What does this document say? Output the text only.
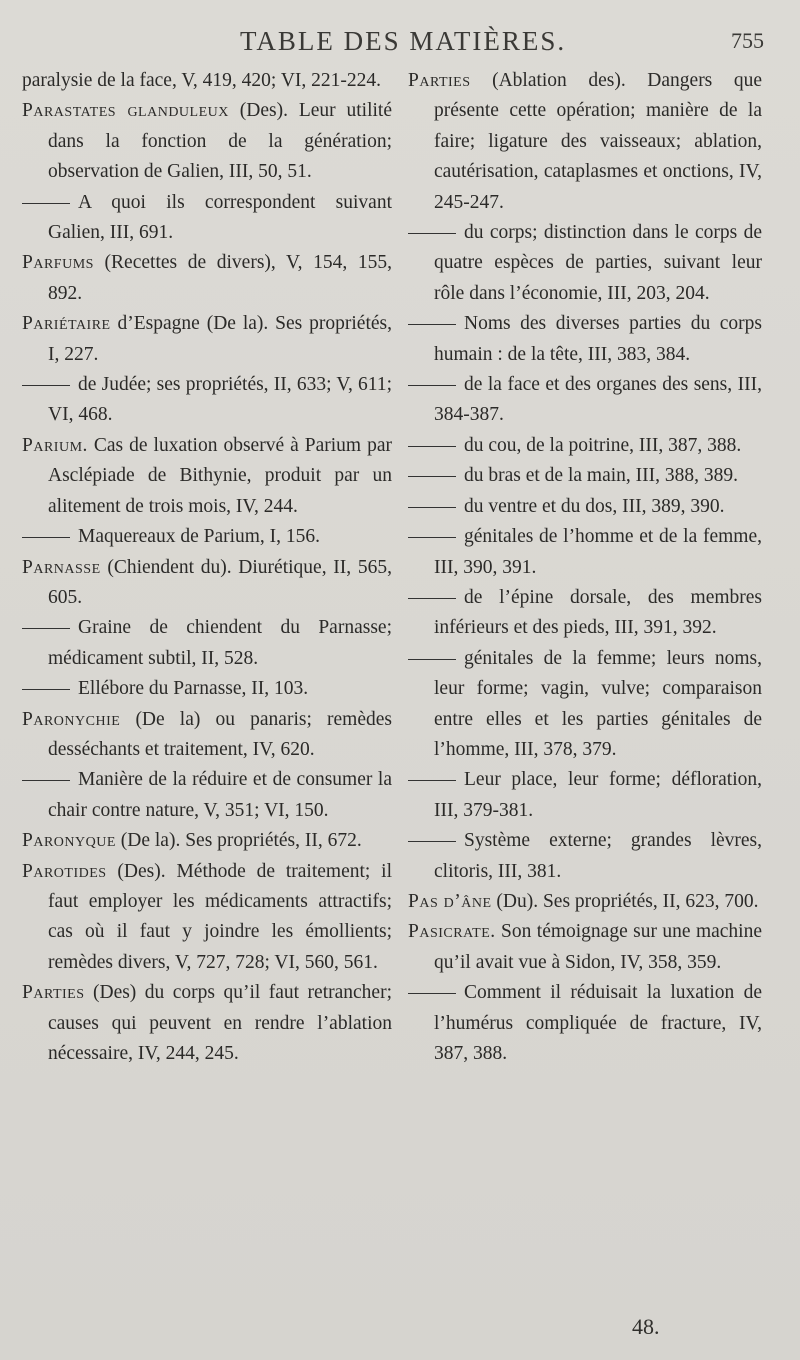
TABLE DES MATIÈRES.	755

paralysie de la face, V, 419, 420; VI, 221-224.

Parastates glanduleux (Des). Leur utilité dans la fonction de la génération; observation de Galien, III, 50, 51.

A quoi ils correspondent suivant Galien, III, 691.

Parfums (Recettes de divers), V, 154, 155, 892.

Pariétaire d’Espagne (De la). Ses propriétés, I, 227.

de Judée; ses propriétés, II, 633; V, 611; VI, 468.

Parium. Cas de luxation observé à Parium par Asclépiade de Bithynie, produit par un alitement de trois mois, IV, 244.

Maquereaux de Parium, I, 156.

Parnasse (Chiendent du). Diurétique, II, 565, 605.

Graine de chiendent du Parnasse; médicament subtil, II, 528.

Ellébore du Parnasse, II, 103.

Paronychie (De la) ou panaris; remèdes desséchants et traitement, IV, 620.

Manière de la réduire et de consumer la chair contre nature, V, 351; VI, 150.

Paronyque (De la). Ses propriétés, II, 672.

Parotides (Des). Méthode de traitement; il faut employer les médicaments attractifs; cas où il faut y joindre les émollients; remèdes divers, V, 727, 728; VI, 560, 561.

Parties (Des) du corps qu’il faut retrancher; causes qui peuvent en rendre l’ablation nécessaire, IV, 244, 245.

Parties (Ablation des). Dangers que présente cette opération; manière de la faire; ligature des vaisseaux; ablation, cautérisation, cataplasmes et onctions, IV, 245-247.

du corps; distinction dans le corps de quatre espèces de parties, suivant leur rôle dans l’économie, III, 203, 204.

Noms des diverses parties du corps humain : de la tête, III, 383, 384.

de la face et des organes des sens, III, 384-387.

du cou, de la poitrine, III, 387, 388.

du bras et de la main, III, 388, 389.

du ventre et du dos, III, 389, 390.

génitales de l’homme et de la femme, III, 390, 391.

de l’épine dorsale, des membres inférieurs et des pieds, III, 391, 392.

génitales de la femme; leurs noms, leur forme; vagin, vulve; comparaison entre elles et les parties génitales de l’homme, III, 378, 379.

Leur place, leur forme; défloration, III, 379-381.

Système externe; grandes lèvres, clitoris, III, 381.

Pas d’âne (Du). Ses propriétés, II, 623, 700.

Pasicrate. Son témoignage sur une machine qu’il avait vue à Sidon, IV, 358, 359.

Comment il réduisait la luxation de l’humérus compliquée de fracture, IV, 387, 388.

48.
